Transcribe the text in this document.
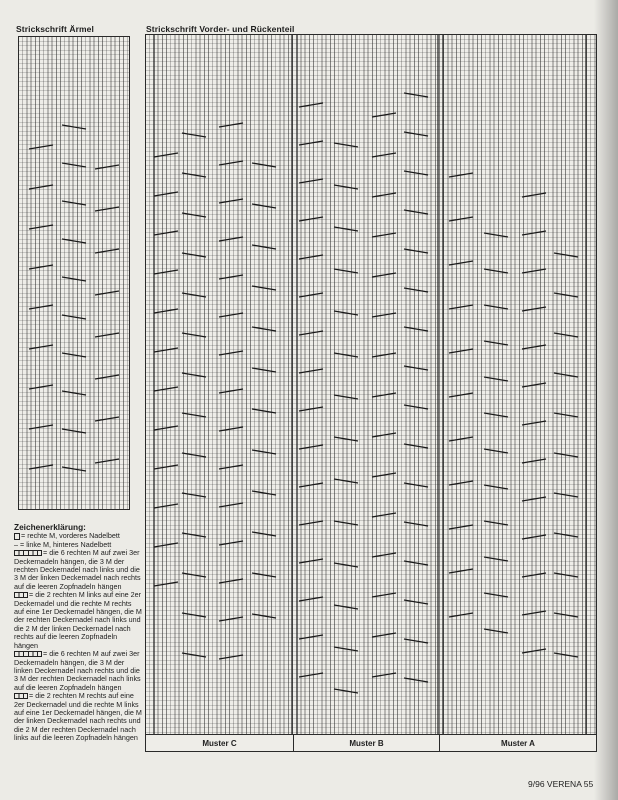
Strickschrift Ärmel	Strickschrift Vorder- und Rückenteil
Muster C	Muster B	Muster A
Zeichenerklärung:

= rechte M, vorderes Nadelbett

– = linke M, hinteres Nadelbett

= die 6 rechten M auf zwei 3er Deckernadeln hängen, die 3 M der rechten Deckernadel nach links und die 3 M der linken Deckernadel nach rechts auf die leeren Zopfnadeln hängen

= die 2 rechten M links auf eine 2er Deckernadel und die rechte M rechts auf eine 1er Deckernadel hängen, die M der rechten Deckernadel nach links und die 2 M der linken Deckernadel nach rechts auf die leeren Zopfnadeln hängen

= die 6 rechten M auf zwei 3er Deckernadeln hängen, die 3 M der linken Deckernadel nach rechts und die 3 M der rechten Deckernadel nach links auf die leeren Zopfnadeln hängen

= die 2 rechten M rechts auf eine 2er Deckernadel und die rechte M links auf eine 1er Deckernadel hängen, die M der linken Deckernadel nach rechts und die 2 M der rechten Deckernadel nach links auf die leeren Zopfnadeln hängen

9/96 VERENA 55
